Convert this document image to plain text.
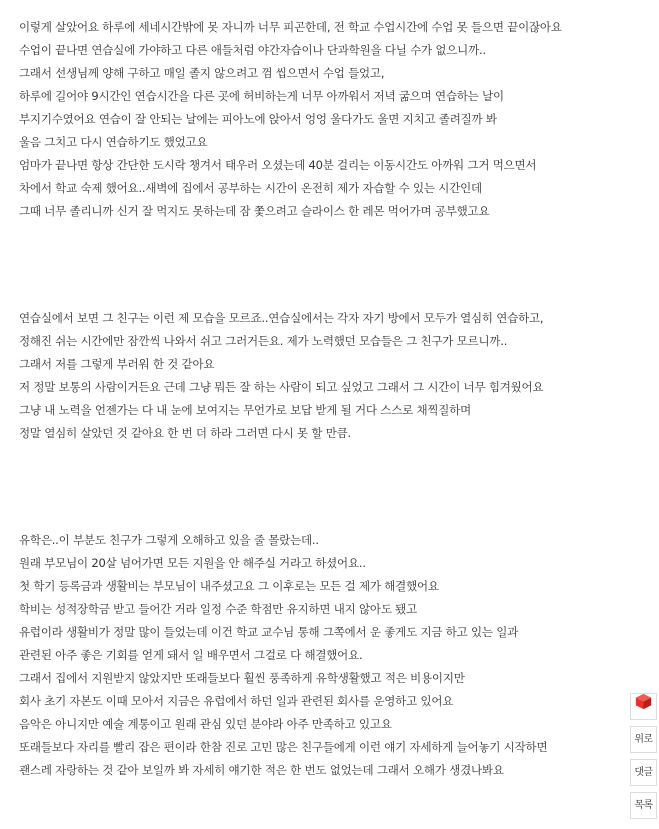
이렇게 살았어요 하루에 세네시간밖에 못 자니까 너무 피곤한데, 전 학교 수업시간에 수업 못 들으면 끝이잖아요
수업이 끝나면 연습실에 가야하고 다른 애들처럼 야간자습이나 단과학원을 다닐 수가 없으니까..
그래서 선생님께 양해 구하고 매일 졸지 않으려고 껌 씹으면서 수업 들었고,
하루에 길어야 9시간인 연습시간을 다른 곳에 허비하는게 너무 아까워서 저녁 굶으며 연습하는 날이
부지기수였어요 연습이 잘 안되는 날에는 피아노에 앉아서 엉엉 울다가도 울면 지치고 졸려질까 봐
울음 그치고 다시 연습하기도 했었고요
엄마가 끝나면 항상 간단한 도시락 챙겨서 태우러 오셨는데 40분 걸리는 이동시간도 아까워 그거 먹으면서
차에서 학교 숙제 했어요..새벽에 집에서 공부하는 시간이 온전히 제가 자습할 수 있는 시간인데
그때 너무 졸리니까 신거 잘 먹지도 못하는데 잠 쫓으려고 슬라이스 한 레몬 먹어가며 공부했고요
연습실에서 보면 그 친구는 이런 제 모습을 모르죠..연습실에서는 각자 자기 방에서 모두가 열심히 연습하고,
정해진 쉬는 시간에만 잠깐씩 나와서 쉬고 그러거든요. 제가 노력했던 모습들은 그 친구가 모르니까..
그래서 저를 그렇게 부러워 한 것 같아요
저 정말 보통의 사람이거든요 근데 그냥 뭐든 잘 하는 사람이 되고 싶었고 그래서 그 시간이 너무 힘겨웠어요
그냥 내 노력을 언젠가는 다 내 눈에 보여지는 무언가로 보답 받게 될 거다 스스로 채찍질하며
정말 열심히 살았던 것 같아요 한 번 더 하라 그러면 다시 못 할 만큼.
유학은..이 부분도 친구가 그렇게 오해하고 있을 줄 몰랐는데..
원래 부모님이 20살 넘어가면 모든 지원을 안 해주실 거라고 하셨어요..
첫 학기 등록금과 생활비는 부모님이 내주셨고요 그 이후로는 모든 걸 제가 해결했어요
학비는 성적장학금 받고 들어간 거라 일정 수준 학점만 유지하면 내지 않아도 됐고
유럽이라 생활비가 정말 많이 들었는데 이건 학교 교수님 통해 그쪽에서 운 좋게도 지금 하고 있는 일과
관련된 아주 좋은 기회를 얻게 돼서 일 배우면서 그걸로 다 해결했어요.
그래서 집에서 지원받지 않았지만 또래들보다 훨씬 풍족하게 유학생활했고 적은 비용이지만
회사 초기 자본도 이때 모아서 지금은 유럽에서 하던 일과 관련된 회사를 운영하고 있어요
음악은 아니지만 예술 계통이고 원래 관심 있던 분야라 아주 만족하고 있고요
또래들보다 자리를 빨리 잡은 편이라 한참 진로 고민 많은 친구들에게 이런 얘기 자세하게 늘어놓기 시작하면
괜스레 자랑하는 것 같아 보일까 봐 자세히 얘기한 적은 한 번도 없었는데 그래서 오해가 생겼나봐요
위로
댓글
목록
